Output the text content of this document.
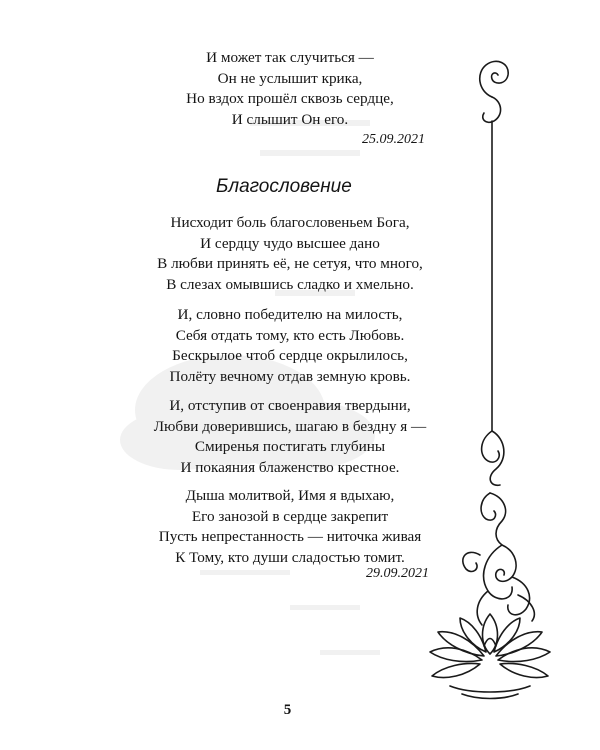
И может так случиться —
Он не услышит крика,
Но вздох прошёл сквозь сердце,
И слышит Он его.
25.09.2021
Благословение
Нисходит боль благословеньем Бога,
И сердцу чудо высшее дано
В любви принять её, не сетуя, что много,
В слезах омывшись сладко и хмельно.
И, словно победителю на милость,
Себя отдать тому, кто есть Любовь.
Бескрылое чтоб сердце окрылилось,
Полёту вечному отдав земную кровь.
И, отступив от своенравия твердыни,
Любви доверившись, шагаю в бездну я —
Смиренья постигать глубины
И покаяния блаженство крестное.
Дыша молитвой, Имя я вдыхаю,
Его занозой в сердце закрепит
Пусть непрестанность — ниточка живая
К Тому, кто души сладостью томит.
29.09.2021
5
